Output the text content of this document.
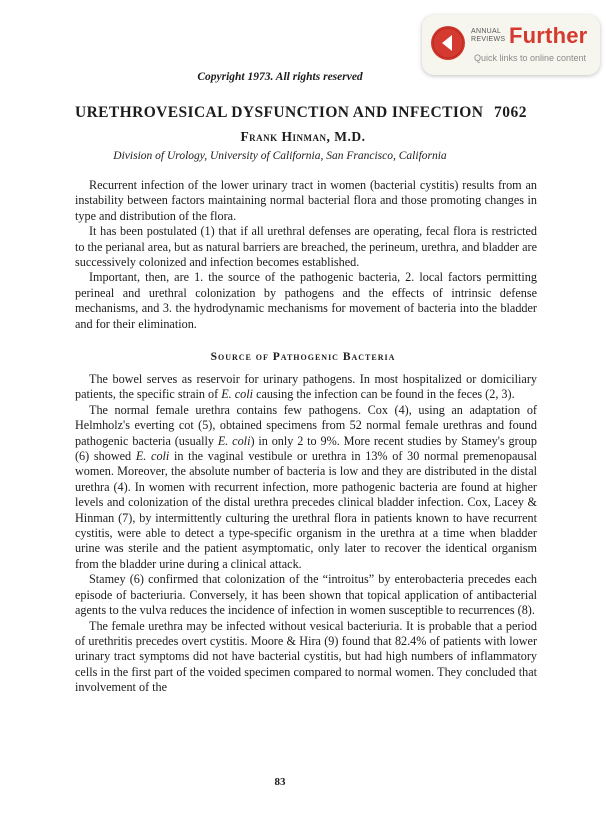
ANNUAL
REVIEWS Further
Quick links to online content
Copyright 1973. All rights reserved
URETHROVESICAL DYSFUNCTION AND INFECTION 7062
Frank Hinman, M.D.
Division of Urology, University of California, San Francisco, California

Recurrent infection of the lower urinary tract in women (bacterial cystitis) results from an instability between factors maintaining normal bacterial flora and those promoting changes in type and distribution of the flora.

It has been postulated (1) that if all urethral defenses are operating, fecal flora is restricted to the perianal area, but as natural barriers are breached, the perineum, urethra, and bladder are successively colonized and infection becomes established.

Important, then, are 1. the source of the pathogenic bacteria, 2. local factors permitting perineal and urethral colonization by pathogens and the effects of intrinsic defense mechanisms, and 3. the hydrodynamic mechanisms for movement of bacteria into the bladder and for their elimination.

Source of Pathogenic Bacteria

The bowel serves as reservoir for urinary pathogens. In most hospitalized or domiciliary patients, the specific strain of E. coli causing the infection can be found in the feces (2, 3).

The normal female urethra contains few pathogens. Cox (4), using an adaptation of Helmholz's everting cot (5), obtained specimens from 52 normal female urethras and found pathogenic bacteria (usually E. coli) in only 2 to 9%. More recent studies by Stamey's group (6) showed E. coli in the vaginal vestibule or urethra in 13% of 30 normal premenopausal women. Moreover, the absolute number of bacteria is low and they are distributed in the distal urethra (4). In women with recurrent infection, more pathogenic bacteria are found at higher levels and colonization of the distal urethra precedes clinical bladder infection. Cox, Lacey & Hinman (7), by intermittently culturing the urethral flora in patients known to have recurrent cystitis, were able to detect a type-specific organism in the urethra at a time when bladder urine was sterile and the patient asymptomatic, only later to recover the identical organism from the bladder urine during a clinical attack.

Stamey (6) confirmed that colonization of the “introitus” by enterobacteria precedes each episode of bacteriuria. Conversely, it has been shown that topical application of antibacterial agents to the vulva reduces the incidence of infection in women susceptible to recurrences (8).

The female urethra may be infected without vesical bacteriuria. It is probable that a period of urethritis precedes overt cystitis. Moore & Hira (9) found that 82.4% of patients with lower urinary tract symptoms did not have bacterial cystitis, but had high numbers of inflammatory cells in the first part of the voided specimen compared to normal women. They concluded that involvement of the

83
